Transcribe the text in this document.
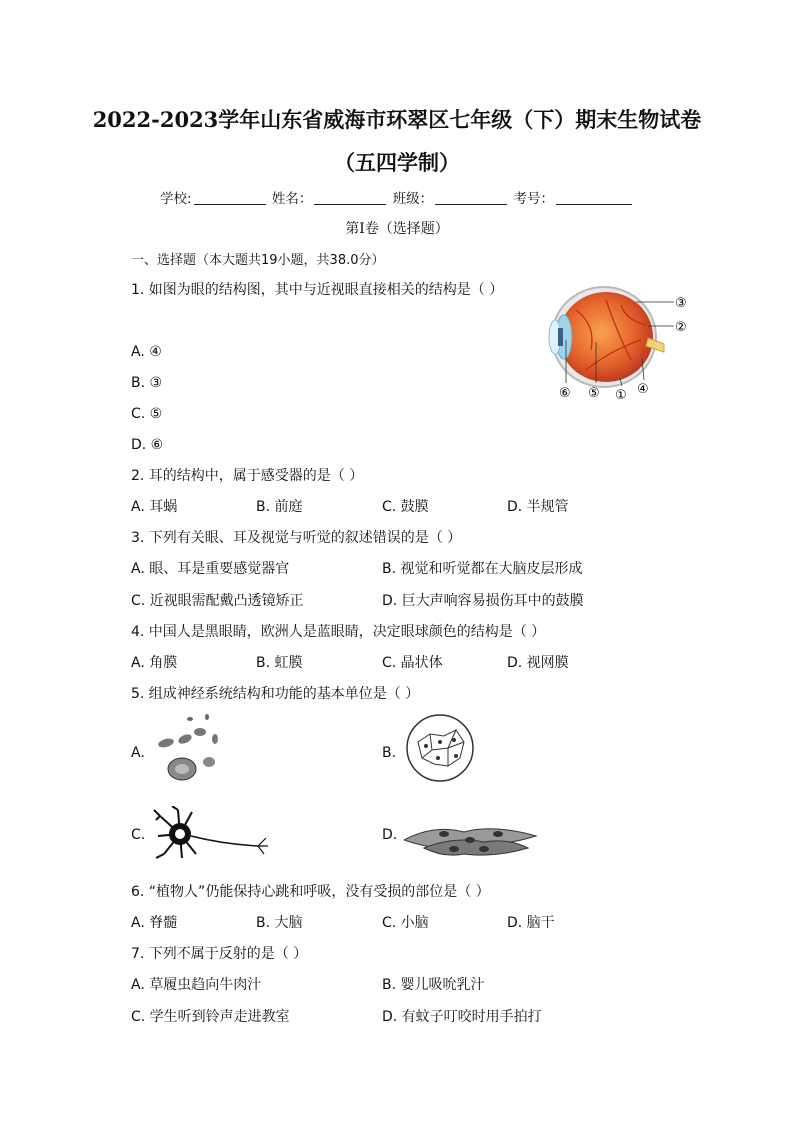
2022-2023学年山东省威海市环翠区七年级（下）期末生物试卷
（五四学制）
学校:	姓名：	班级：	考号：
第I卷（选择题）
一、选择题（本大题共19小题，共38.0分）
1. 如图为眼的结构图，其中与近视眼直接相关的结构是（ ）
A. ④
B. ③
C. ⑤
D. ⑥
③
②
⑥ ⑤ ① ④
2. 耳的结构中，属于感受器的是（ ）
A. 耳蜗	B. 前庭	C. 鼓膜	D. 半规管
3. 下列有关眼、耳及视觉与听觉的叙述错误的是（ ）
A. 眼、耳是重要感觉器官	B. 视觉和听觉都在大脑皮层形成
C. 近视眼需配戴凸透镜矫正	D. 巨大声响容易损伤耳中的鼓膜
4. 中国人是黑眼睛，欧洲人是蓝眼睛，决定眼球颜色的结构是（ ）
A. 角膜	B. 虹膜	C. 晶状体	D. 视网膜
5. 组成神经系统结构和功能的基本单位是（ ）
A.	B.
C.	D.
6. “植物人”仍能保持心跳和呼吸，没有受损的部位是（ ）
A. 脊髓	B. 大脑	C. 小脑	D. 脑干
7. 下列不属于反射的是（ ）
A. 草履虫趋向牛肉汁	B. 婴儿吸吮乳汁
C. 学生听到铃声走进教室	D. 有蚊子叮咬时用手拍打
